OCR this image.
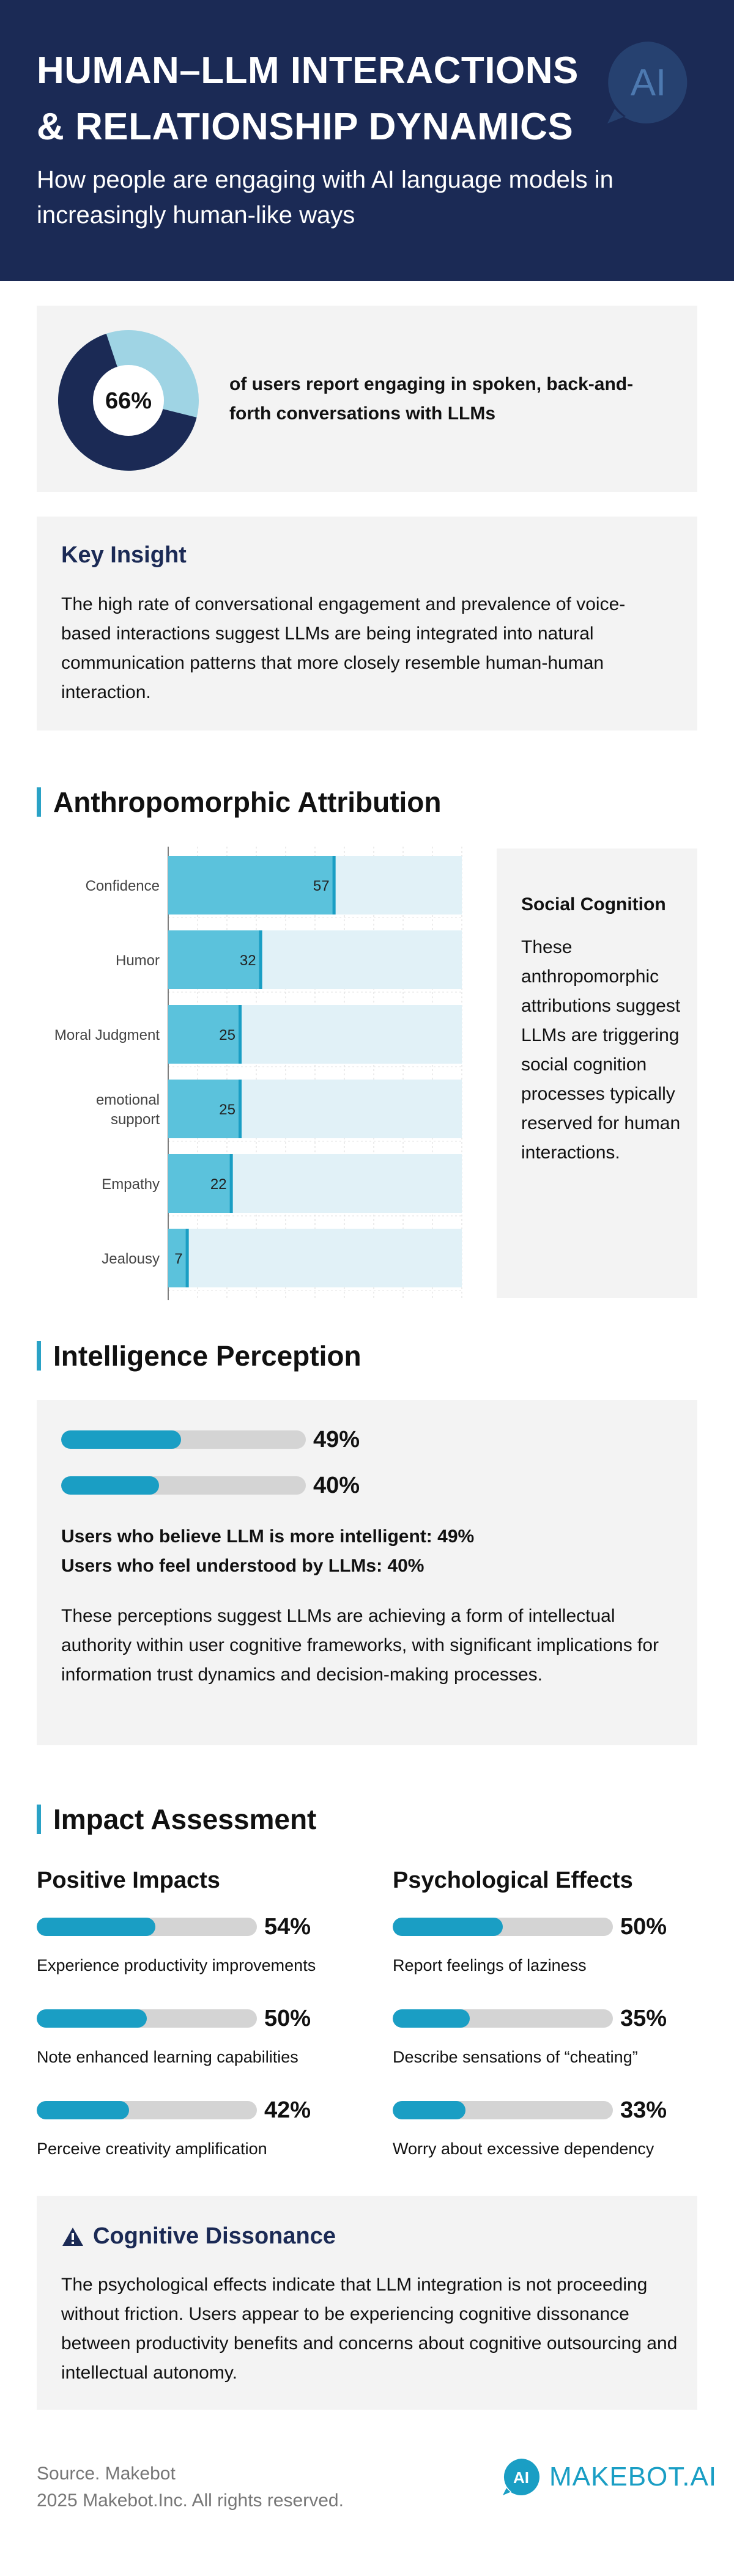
HUMAN–LLM INTERACTIONS
& RELATIONSHIP DYNAMICS
How people are engaging with AI language models in increasingly human-like ways
AI
66%
of users report engaging in spoken, back-and-forth conversations with LLMs
Key Insight
The high rate of conversational engagement and prevalence of voice-based interactions suggest LLMs are being integrated into natural communication patterns that more closely resemble human-human interaction.
Anthropomorphic Attribution
57
Confidence
32
Humor
25
Moral Judgment
25
emotional
support
22
Empathy
7
Jealousy
Social Cognition
These anthropomorphic attributions suggest LLMs are triggering social cognition processes typically reserved for human interactions.
Intelligence Perception
49%
40%
Users who believe LLM is more intelligent: 49%
Users who feel understood by LLMs: 40%
These perceptions suggest LLMs are achieving a form of intellectual authority within user cognitive frameworks, with significant implications for information trust dynamics and decision-making processes.
Impact Assessment
Positive Impacts	Psychological Effects
54%
Experience productivity improvements
50%
Note enhanced learning capabilities
42%
Perceive creativity amplification
50%
Report feelings of laziness
35%
Describe sensations of “cheating”
33%
Worry about excessive dependency
Cognitive Dissonance
The psychological effects indicate that LLM integration is not proceeding without friction. Users appear to be experiencing cognitive dissonance between productivity benefits and concerns about cognitive outsourcing and intellectual autonomy.
Source. Makebot
2025 Makebot.Inc. All rights reserved.
AI MAKEBOT.AI
